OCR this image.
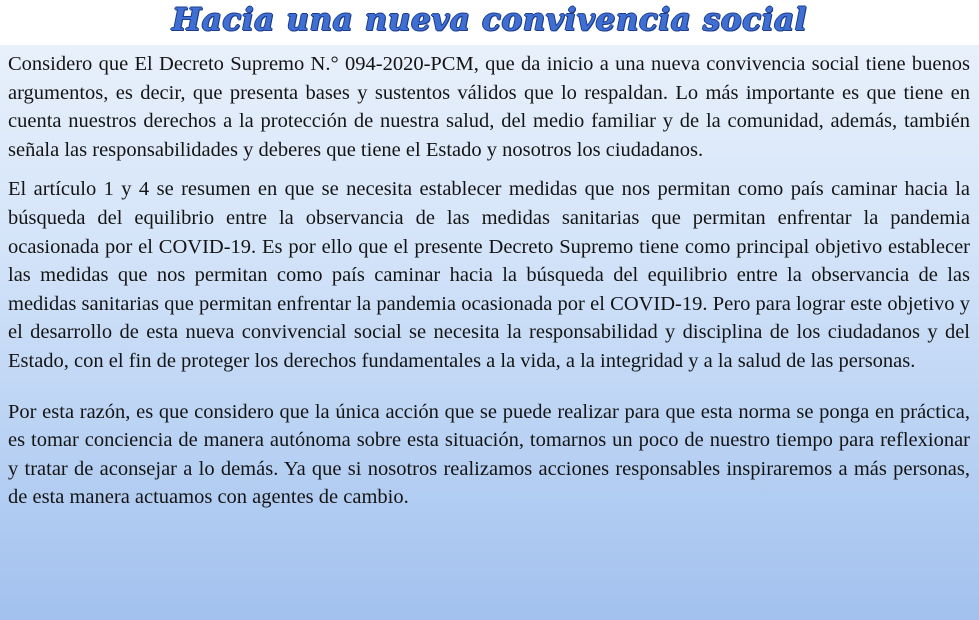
Hacia una nueva convivencia social

Considero que El Decreto Supremo N.° 094-2020-PCM, que da inicio a una nueva convivencia social tiene buenos argumentos, es decir, que presenta bases y sustentos válidos que lo respaldan. Lo más importante es que tiene en cuenta nuestros derechos a la protección de nuestra salud, del medio familiar y de la comunidad, además, también señala las responsabilidades y deberes que tiene el Estado y nosotros los ciudadanos.

El artículo 1 y 4 se resumen en que se necesita establecer medidas que nos permitan como país caminar hacia la búsqueda del equilibrio entre la observancia de las medidas sanitarias que permitan enfrentar la pandemia ocasionada por el COVID-19. Es por ello que el presente Decreto Supremo tiene como principal objetivo establecer las medidas que nos permitan como país caminar hacia la búsqueda del equilibrio entre la observancia de las medidas sanitarias que permitan enfrentar la pandemia ocasionada por el COVID-19. Pero para lograr este objetivo y el desarrollo de esta nueva convivencial social se necesita la responsabilidad y disciplina de los ciudadanos y del Estado, con el fin de proteger los derechos fundamentales a la vida, a la integridad y a la salud de las personas.

Por esta razón, es que considero que la única acción que se puede realizar para que esta norma se ponga en práctica, es tomar conciencia de manera autónoma sobre esta situación, tomarnos un poco de nuestro tiempo para reflexionar y tratar de aconsejar a lo demás. Ya que si nosotros realizamos acciones responsables inspiraremos a más personas, de esta manera actuamos con agentes de cambio.
